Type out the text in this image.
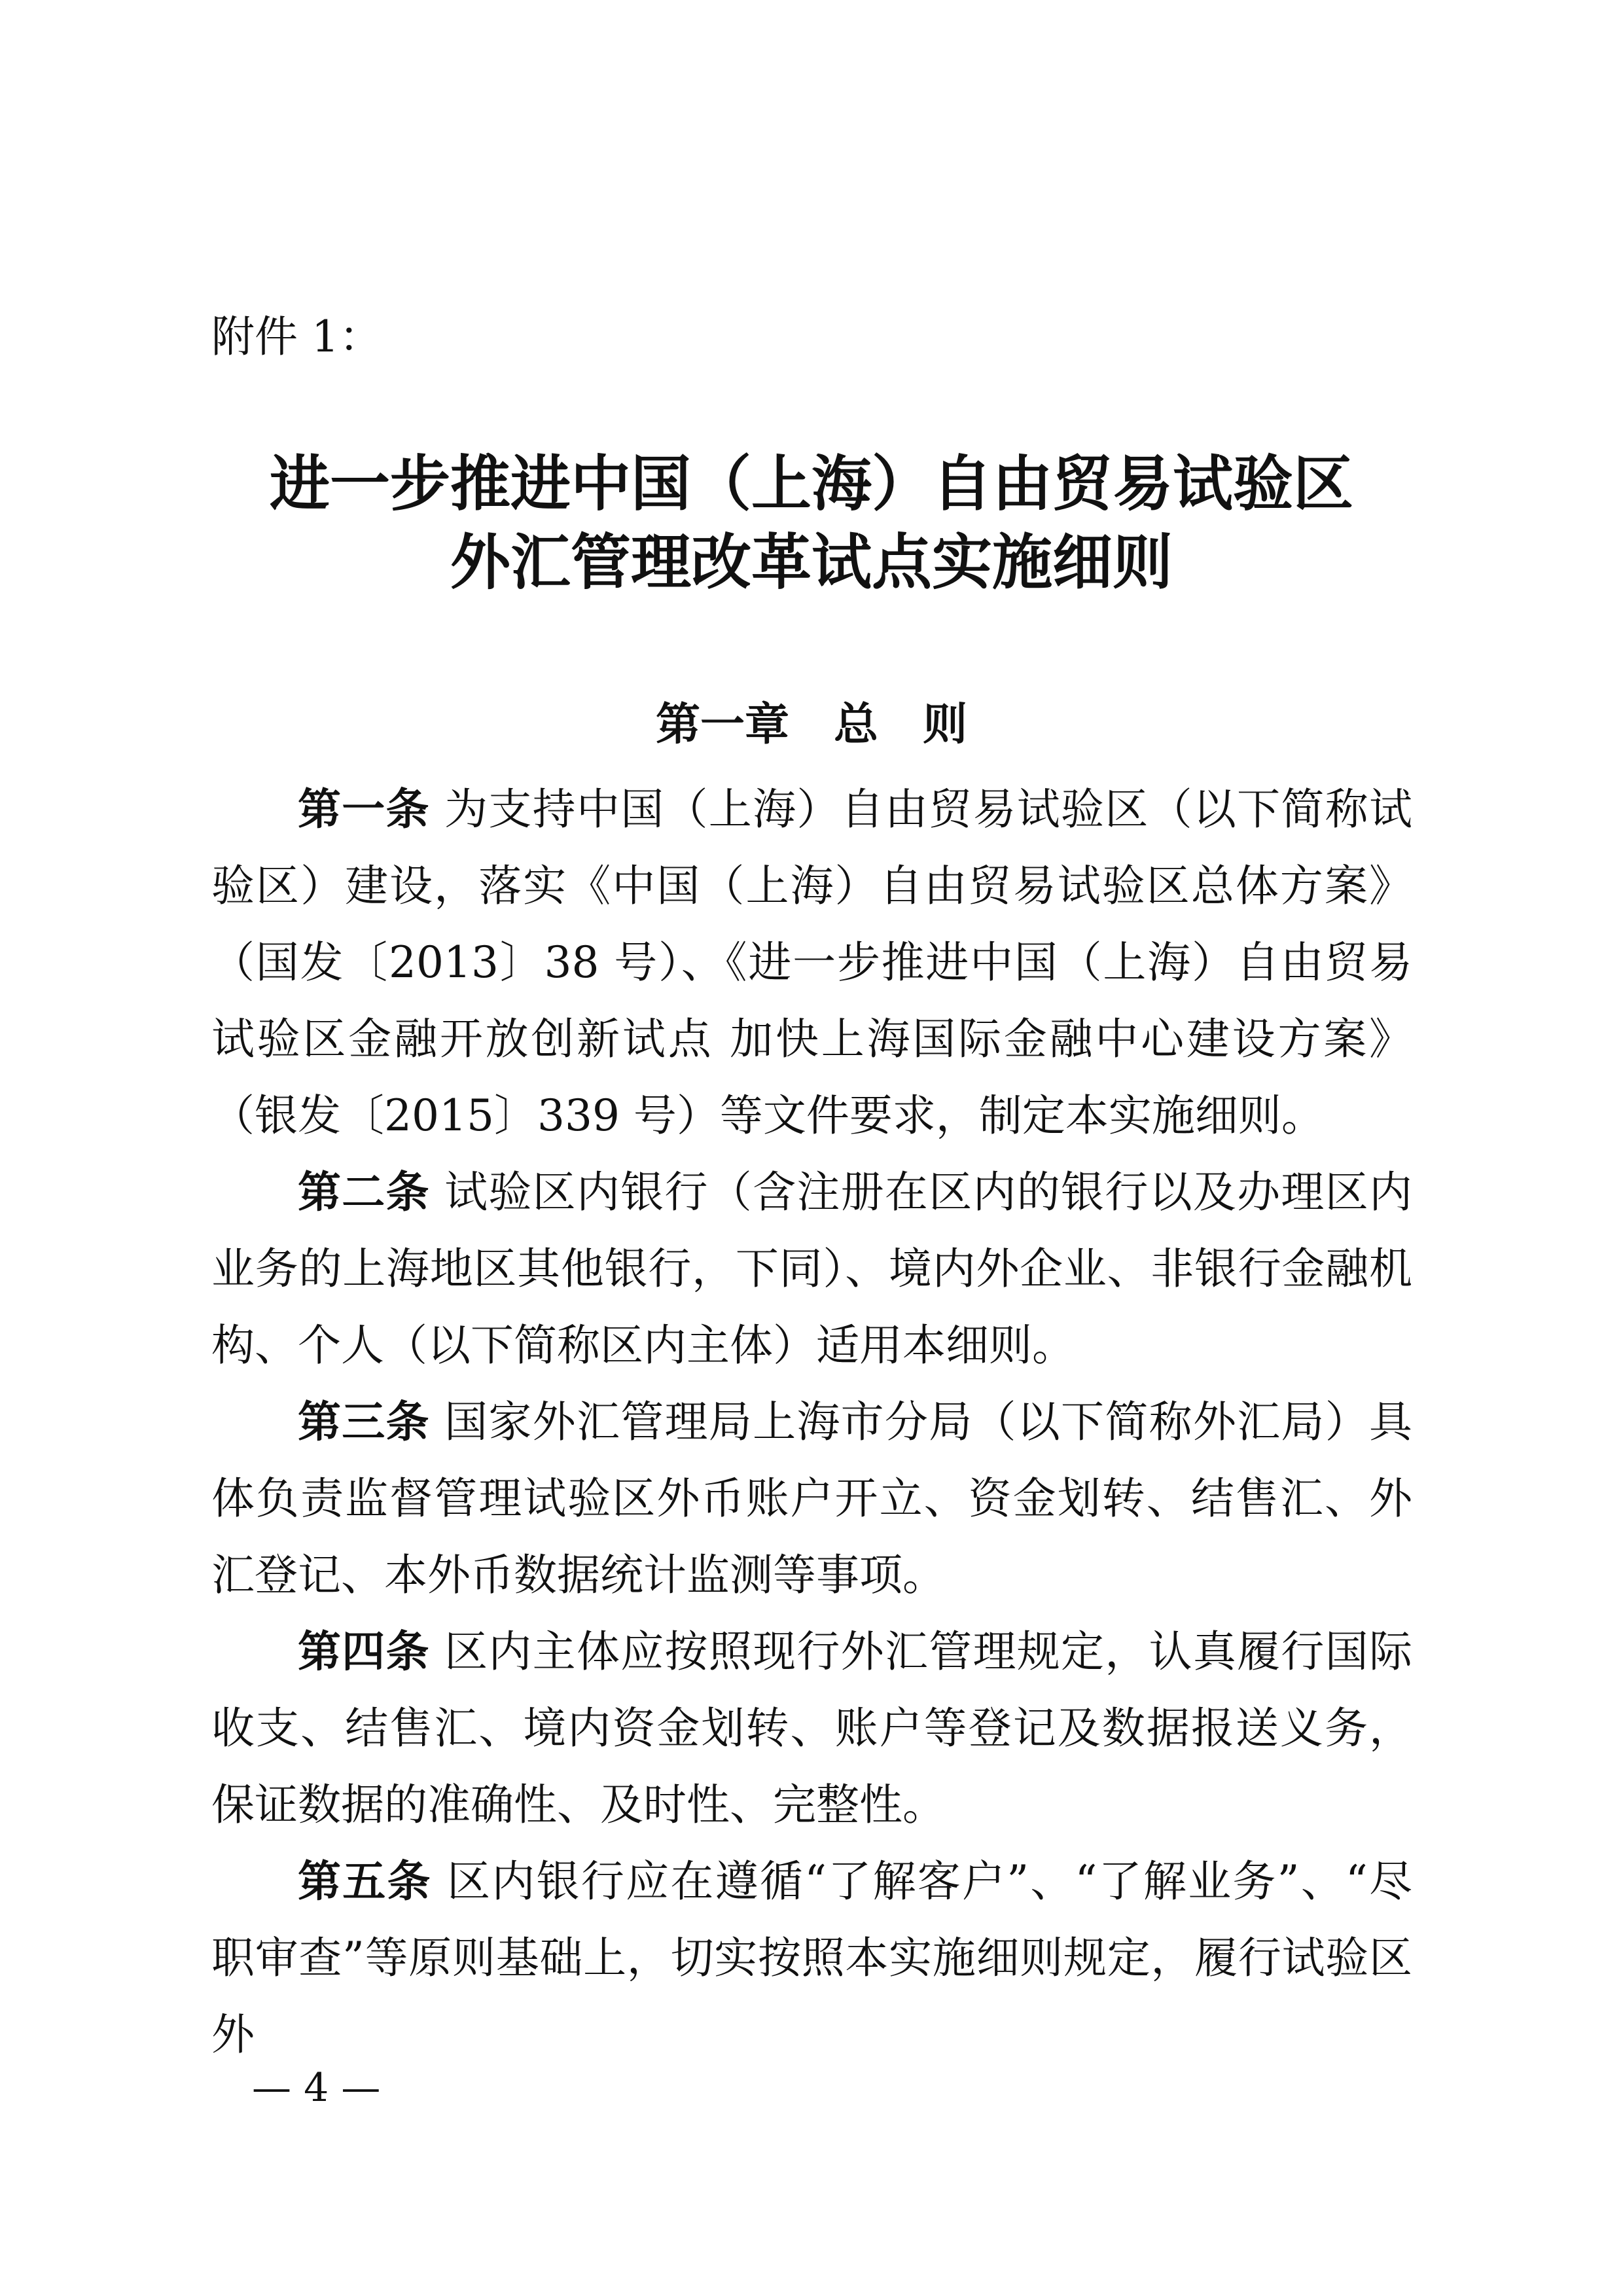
附件 1：
进一步推进中国（上海）自由贸易试验区
外汇管理改革试点实施细则
第一章　总　则

第一条 为支持中国（上海）自由贸易试验区（以下简称试验区）建设，落实《中国（上海）自由贸易试验区总体方案》（国发〔2013〕38 号）、《进一步推进中国（上海）自由贸易试验区金融开放创新试点 加快上海国际金融中心建设方案》（银发〔2015〕339 号）等文件要求，制定本实施细则。

第二条 试验区内银行（含注册在区内的银行以及办理区内业务的上海地区其他银行，下同）、境内外企业、非银行金融机构、个人（以下简称区内主体）适用本细则。

第三条 国家外汇管理局上海市分局（以下简称外汇局）具体负责监督管理试验区外币账户开立、资金划转、结售汇、外汇登记、本外币数据统计监测等事项。

第四条 区内主体应按照现行外汇管理规定，认真履行国际收支、结售汇、境内资金划转、账户等登记及数据报送义务，保证数据的准确性、及时性、完整性。

第五条 区内银行应在遵循“了解客户”、“了解业务”、“尽职审查”等原则基础上，切实按照本实施细则规定，履行试验区外

— 4 —
